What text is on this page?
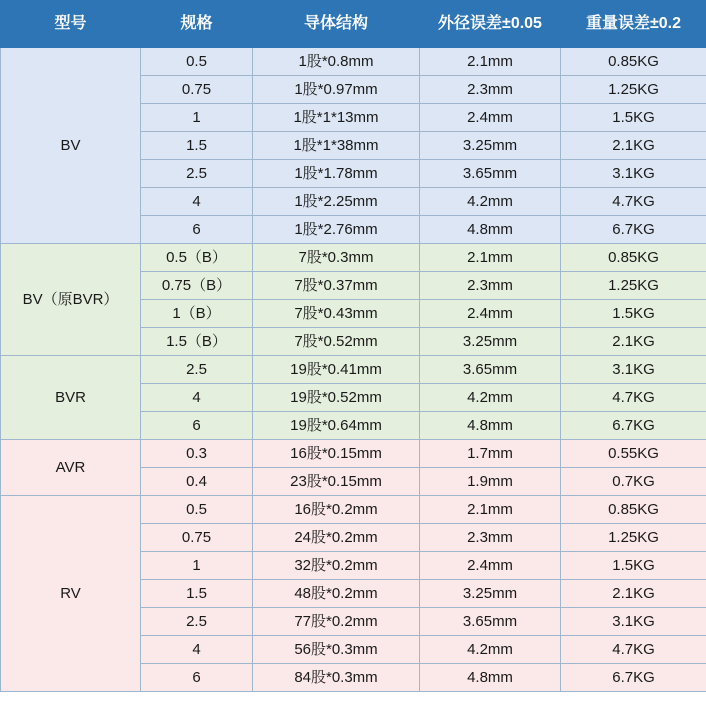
型号	规格	导体结构	外径误差±0.05	重量误差±0.2
BV	0.5	1股*0.8mm	2.1mm	0.85KG
	0.75	1股*0.97mm	2.3mm	1.25KG
	1	1股*1*13mm	2.4mm	1.5KG
	1.5	1股*1*38mm	3.25mm	2.1KG
	2.5	1股*1.78mm	3.65mm	3.1KG
	4	1股*2.25mm	4.2mm	4.7KG
	6	1股*2.76mm	4.8mm	6.7KG
BV（原BVR）	0.5（B）	7股*0.3mm	2.1mm	0.85KG
	0.75（B）	7股*0.37mm	2.3mm	1.25KG
	1（B）	7股*0.43mm	2.4mm	1.5KG
	1.5（B）	7股*0.52mm	3.25mm	2.1KG
BVR	2.5	19股*0.41mm	3.65mm	3.1KG
	4	19股*0.52mm	4.2mm	4.7KG
	6	19股*0.64mm	4.8mm	6.7KG
AVR	0.3	16股*0.15mm	1.7mm	0.55KG
	0.4	23股*0.15mm	1.9mm	0.7KG
RV	0.5	16股*0.2mm	2.1mm	0.85KG
	0.75	24股*0.2mm	2.3mm	1.25KG
	1	32股*0.2mm	2.4mm	1.5KG
	1.5	48股*0.2mm	3.25mm	2.1KG
	2.5	77股*0.2mm	3.65mm	3.1KG
	4	56股*0.3mm	4.2mm	4.7KG
	6	84股*0.3mm	4.8mm	6.7KG
